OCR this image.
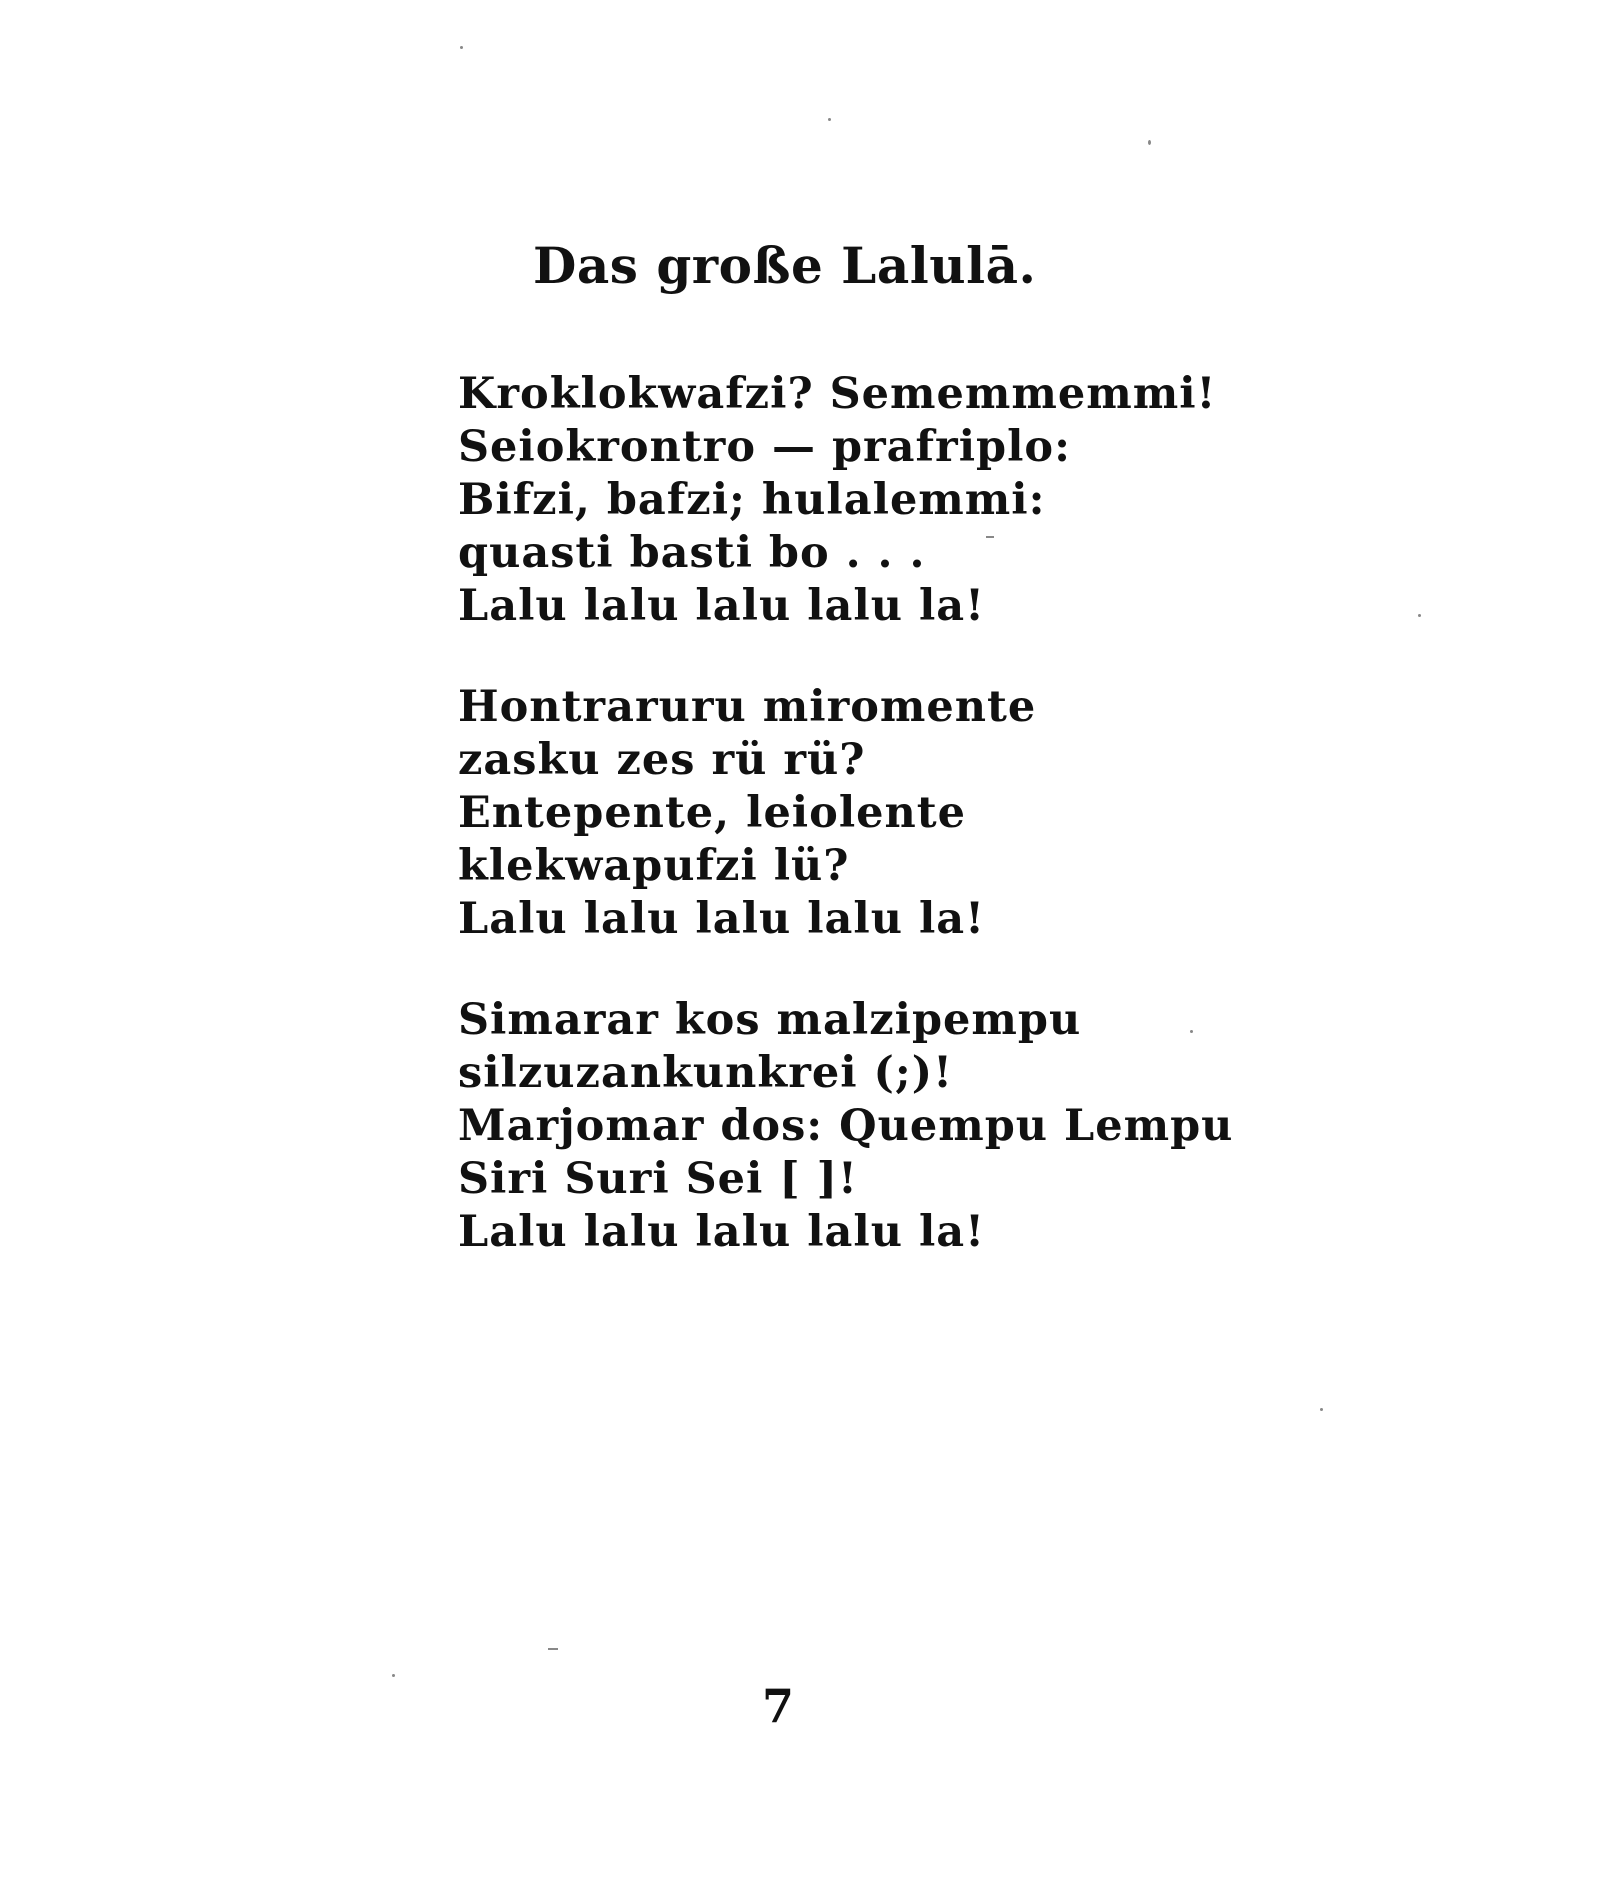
Das große Lalulā.
Kroklokwafzi? Sememmemmi!
Seiokrontro — prafriplo:
Bifzi, bafzi; hulalemmi:
quasti basti bo . . .
Lalu lalu lalu lalu la!
Hontraruru miromente
zasku zes rü rü?
Entepente, leiolente
klekwapufzi lü?
Lalu lalu lalu lalu la!
Simarar kos malzipempu
silzuzankunkrei (;)!
Marjomar dos: Quempu Lempu
Siri Suri Sei [ ]!
Lalu lalu lalu lalu la!
7
